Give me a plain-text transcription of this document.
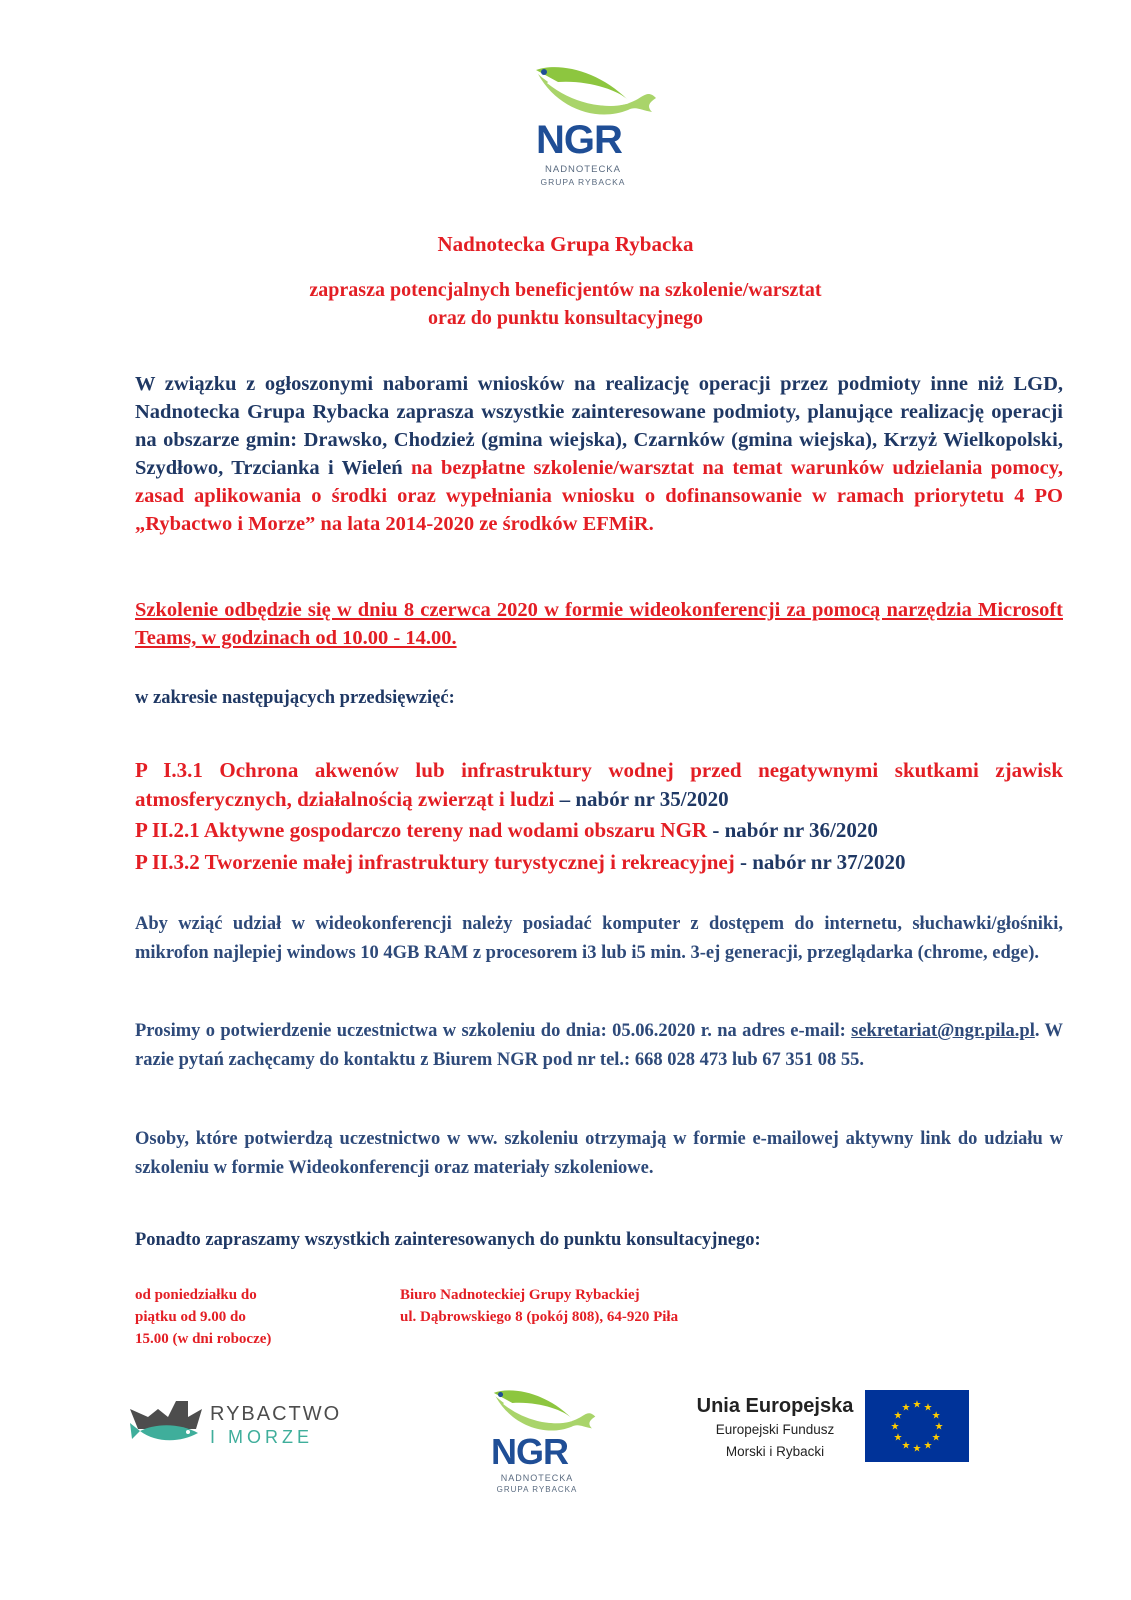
NGR
NADNOTECKA
GRUPA RYBACKA
Nadnotecka Grupa Rybacka
zaprasza potencjalnych beneficjentów na szkolenie/warsztat
oraz do punktu konsultacyjnego
W związku z ogłoszonymi naborami wniosków na realizację operacji przez podmioty inne niż LGD, Nadnotecka Grupa Rybacka zaprasza wszystkie zainteresowane podmioty, planujące realizację operacji na obszarze gmin: Drawsko, Chodzież (gmina wiejska), Czarnków (gmina wiejska), Krzyż Wielkopolski, Szydłowo, Trzcianka i Wieleń na bezpłatne szkolenie/warsztat na temat warunków udzielania pomocy, zasad aplikowania o środki oraz wypełniania wniosku o dofinansowanie w ramach priorytetu 4 PO „Rybactwo i Morze” na lata 2014-2020 ze środków EFMiR.
Szkolenie odbędzie się w dniu 8 czerwca 2020 w formie wideokonferencji za pomocą narzędzia Microsoft Teams, w godzinach od 10.00 - 14.00.
w zakresie następujących przedsięwzięć:
P I.3.1 Ochrona akwenów lub infrastruktury wodnej przed negatywnymi skutkami zjawisk atmosferycznych, działalnością zwierząt i ludzi – nabór nr 35/2020
P II.2.1 Aktywne gospodarczo tereny nad wodami obszaru NGR - nabór nr 36/2020
P II.3.2 Tworzenie małej infrastruktury turystycznej i rekreacyjnej - nabór nr 37/2020
Aby wziąć udział w wideokonferencji należy posiadać komputer z dostępem do internetu, słuchawki/głośniki, mikrofon najlepiej windows 10 4GB RAM z procesorem i3 lub i5 min. 3-ej generacji, przeglądarka (chrome, edge).
Prosimy o potwierdzenie uczestnictwa w szkoleniu do dnia: 05.06.2020 r. na adres e-mail: sekretariat@ngr.pila.pl. W razie pytań zachęcamy do kontaktu z Biurem NGR pod nr tel.: 668 028 473 lub 67 351 08 55.
Osoby, które potwierdzą uczestnictwo w ww. szkoleniu otrzymają w formie e-mailowej aktywny link do udziału w szkoleniu w formie Wideokonferencji oraz materiały szkoleniowe.
Ponadto zapraszamy wszystkich zainteresowanych do punktu konsultacyjnego:
od poniedziałku do
piątku od 9.00 do
15.00 (w dni robocze)
Biuro Nadnoteckiej Grupy Rybackiej
ul. Dąbrowskiego 8 (pokój 808), 64-920 Piła
RYBACTWO
I MORZE	NGR
NADNOTECKA
GRUPA RYBACKA
Unia Europejska
Europejski Fundusz
Morski i Rybacki
★ ★
★
★
★
★
★
★
★
★
★
★
